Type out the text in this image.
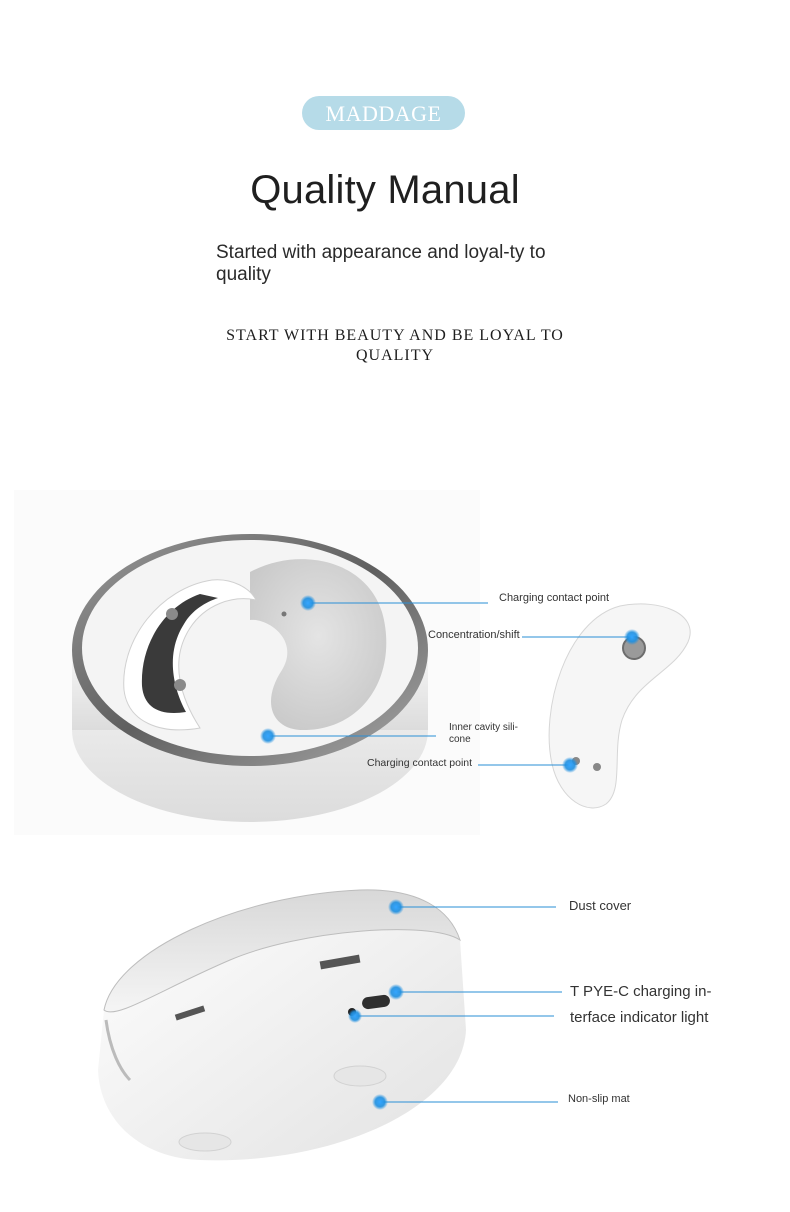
MADDAGE
Quality Manual
Started with appearance and loyal-ty to quality
START WITH BEAUTY AND BE LOYAL TO QUALITY
Charging contact point
Concentration/shift
Inner cavity sili-cone
Charging contact point
Dust cover
T PYE-C charging in-terface indicator light
Non-slip mat
